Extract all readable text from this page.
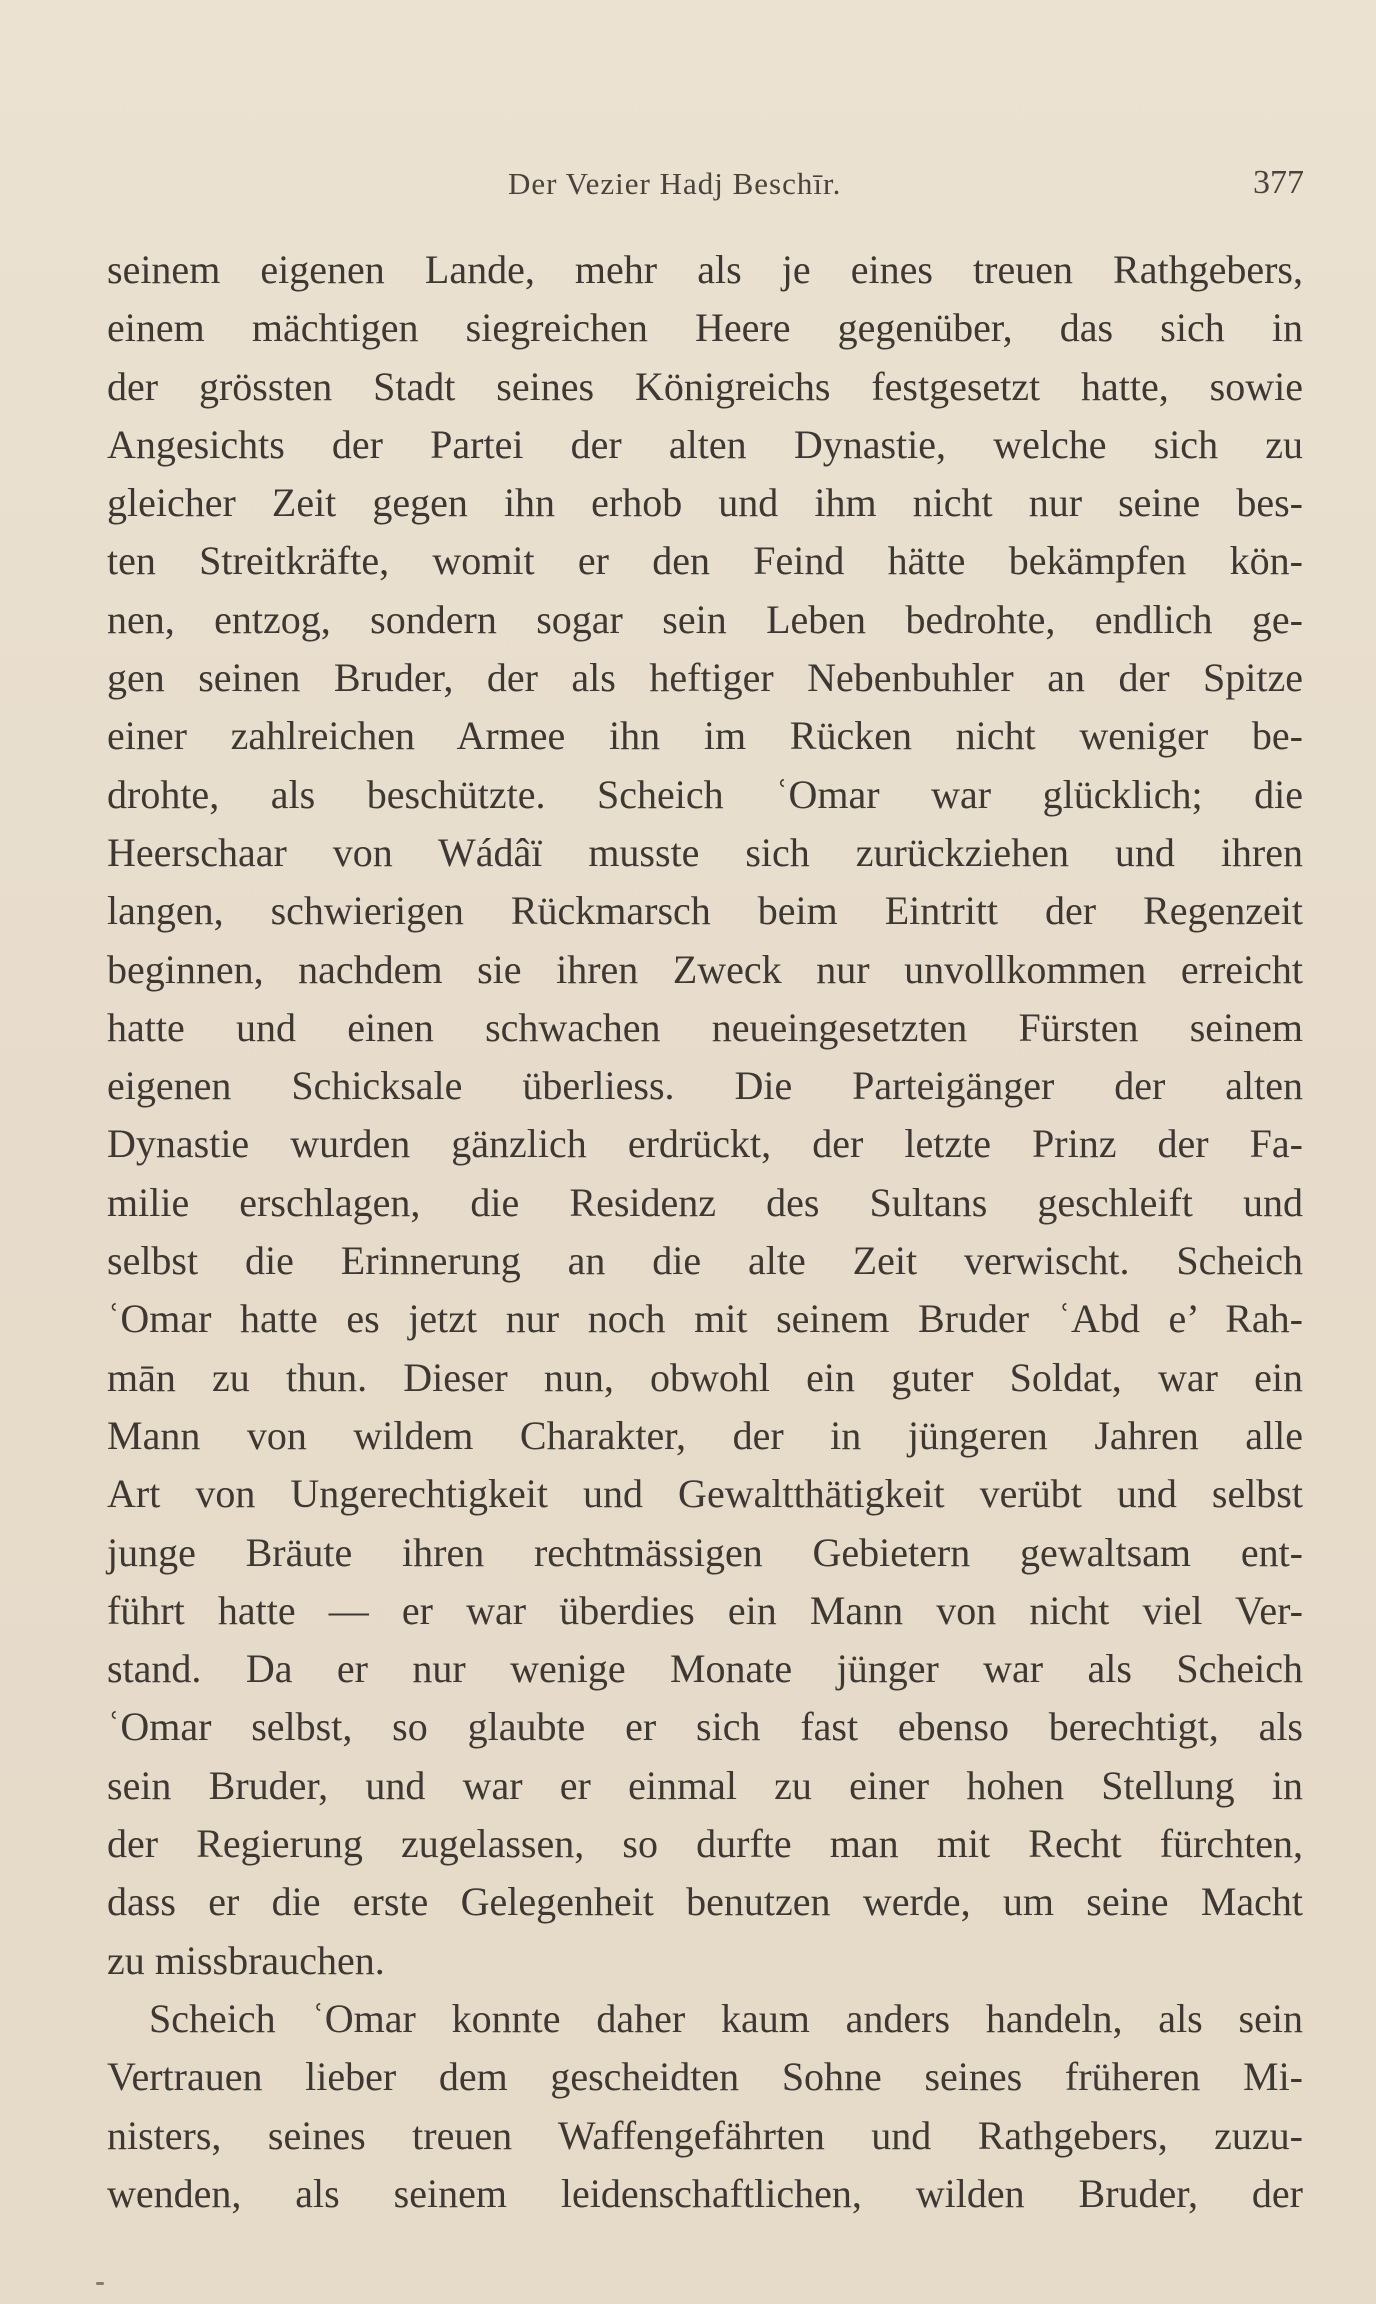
Der Vezier Hadj Beschīr.	377
seinem eigenen Lande, mehr als je eines treuen Rathgebers,
einem mächtigen siegreichen Heere gegenüber, das sich in
der grössten Stadt seines Königreichs festgesetzt hatte, sowie
Angesichts der Partei der alten Dynastie, welche sich zu
gleicher Zeit gegen ihn erhob und ihm nicht nur seine bes-
ten Streitkräfte, womit er den Feind hätte bekämpfen kön-
nen, entzog, sondern sogar sein Leben bedrohte, endlich ge-
gen seinen Bruder, der als heftiger Nebenbuhler an der Spitze
einer zahlreichen Armee ihn im Rücken nicht weniger be-
drohte, als beschützte. Scheich ʿOmar war glücklich; die
Heerschaar von Wádâï musste sich zurückziehen und ihren
langen, schwierigen Rückmarsch beim Eintritt der Regenzeit
beginnen, nachdem sie ihren Zweck nur unvollkommen erreicht
hatte und einen schwachen neueingesetzten Fürsten seinem
eigenen Schicksale überliess. Die Parteigänger der alten
Dynastie wurden gänzlich erdrückt, der letzte Prinz der Fa-
milie erschlagen, die Residenz des Sultans geschleift und
selbst die Erinnerung an die alte Zeit verwischt. Scheich
ʿOmar hatte es jetzt nur noch mit seinem Bruder ʿAbd e’ Rah-
mān zu thun. Dieser nun, obwohl ein guter Soldat, war ein
Mann von wildem Charakter, der in jüngeren Jahren alle
Art von Ungerechtigkeit und Gewaltthätigkeit verübt und selbst
junge Bräute ihren rechtmässigen Gebietern gewaltsam ent-
führt hatte — er war überdies ein Mann von nicht viel Ver-
stand. Da er nur wenige Monate jünger war als Scheich
ʿOmar selbst, so glaubte er sich fast ebenso berechtigt, als
sein Bruder, und war er einmal zu einer hohen Stellung in
der Regierung zugelassen, so durfte man mit Recht fürchten,
dass er die erste Gelegenheit benutzen werde, um seine Macht
zu missbrauchen.
Scheich ʿOmar konnte daher kaum anders handeln, als sein
Vertrauen lieber dem gescheidten Sohne seines früheren Mi-
nisters, seines treuen Waffengefährten und Rathgebers, zuzu-
wenden, als seinem leidenschaftlichen, wilden Bruder, der
